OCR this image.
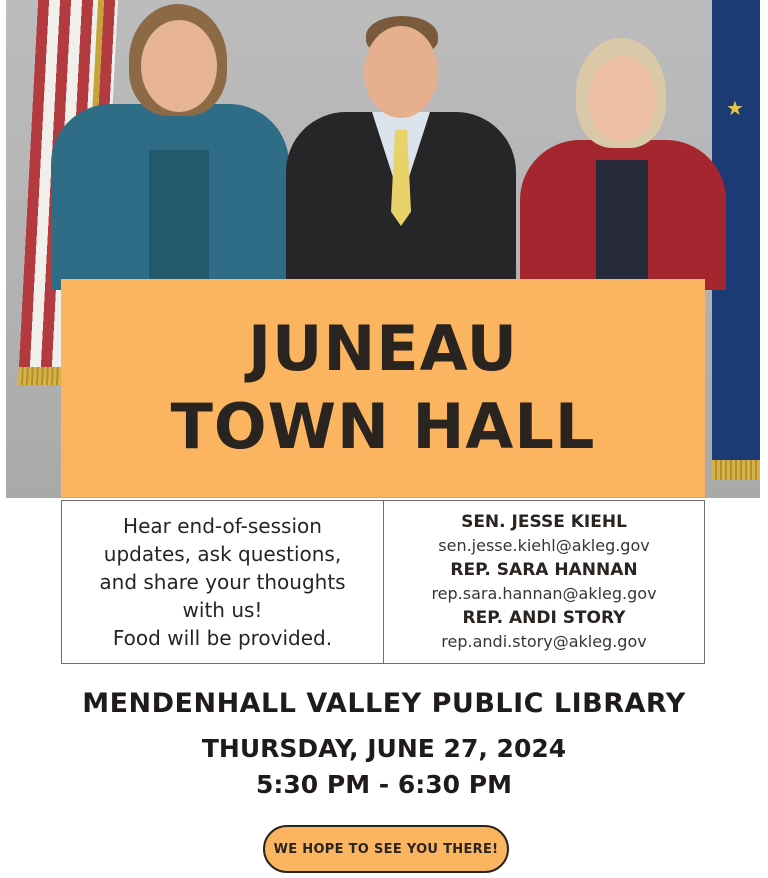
★
JUNEAU
TOWN HALL
Hear end-of-session
updates, ask questions,
and share your thoughts
with us!
Food will be provided.
SEN. JESSE KIEHL
sen.jesse.kiehl@akleg.gov
REP. SARA HANNAN
rep.sara.hannan@akleg.gov
REP. ANDI STORY
rep.andi.story@akleg.gov
MENDENHALL VALLEY PUBLIC LIBRARY
THURSDAY, JUNE 27, 2024
5:30 PM - 6:30 PM
WE HOPE TO SEE YOU THERE!
